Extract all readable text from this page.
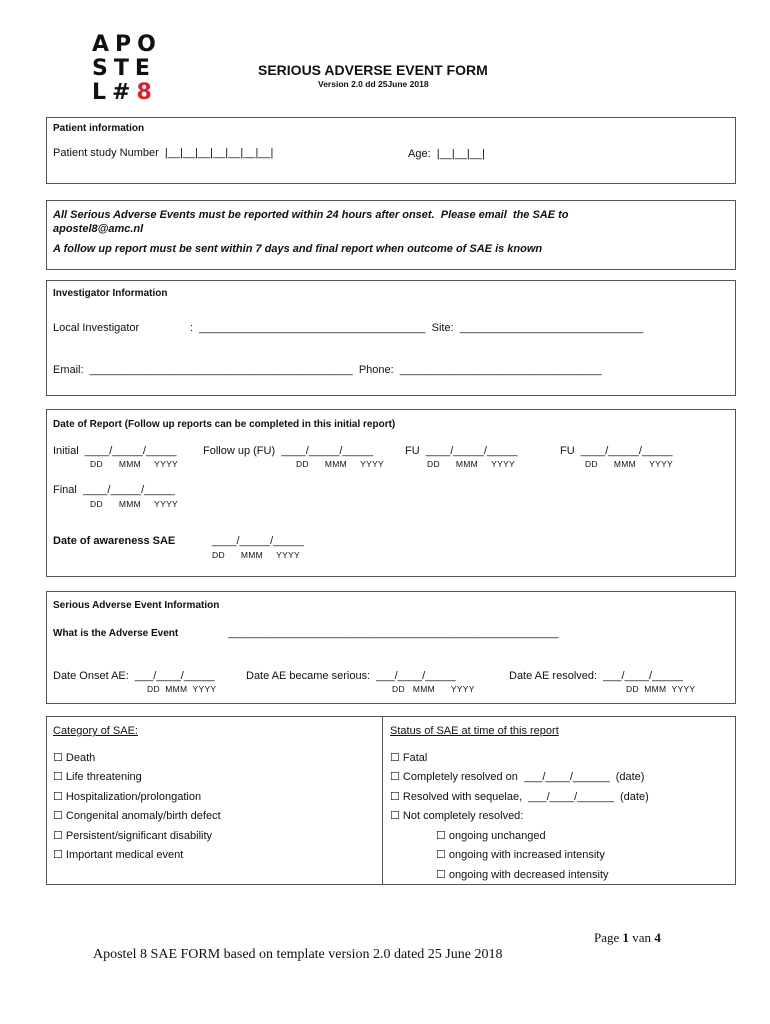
APO
STE
L#8
SERIOUS ADVERSE EVENT FORM
Version 2.0 dd 25June 2018
Patient information
Patient study Number  |__|__|__|__|__|__|__|	Age:  |__|__|__|
All Serious Adverse Events must be reported within 24 hours after onset.  Please email  the SAE to
apostel8@amc.nl
A follow up report must be sent within 7 days and final report when outcome of SAE is known
Investigator Information
Local Investigator	:  _____________________________________  Site:  ______________________________
Email:  ___________________________________________  Phone:  _________________________________
Date of Report (Follow up reports can be completed in this initial report)
Initial  ____/_____/_____
DD      MMM     YYYY
Follow up (FU)  ____/_____/_____
DD      MMM     YYYY
FU  ____/_____/_____
DD      MMM     YYYY
FU  ____/_____/_____
DD      MMM     YYYY
Final  ____/_____/_____
DD      MMM     YYYY
Date of awareness SAE	____/_____/_____
DD      MMM     YYYY
Serious Adverse Event Information
What is the Adverse Event	______________________________________________________
Date Onset AE:  ___/____/_____
DD  MMM  YYYY
Date AE became serious:  ___/____/_____
DD   MMM      YYYY
Date AE resolved:  ___/____/_____
DD  MMM  YYYY
Category of SAE:
☐ Death
☐ Life threatening
☐ Hospitalization/prolongation
☐ Congenital anomaly/birth defect
☐ Persistent/significant disability
☐ Important medical event
Status of SAE at time of this report
☐ Fatal
☐ Completely resolved on  ___/____/______  (date)
☐ Resolved with sequelae,  ___/____/______  (date)
☐ Not completely resolved:
☐ ongoing unchanged
☐ ongoing with increased intensity
☐ ongoing with decreased intensity
Page 1 van 4
Apostel 8 SAE FORM based on template version 2.0 dated 25 June 2018
